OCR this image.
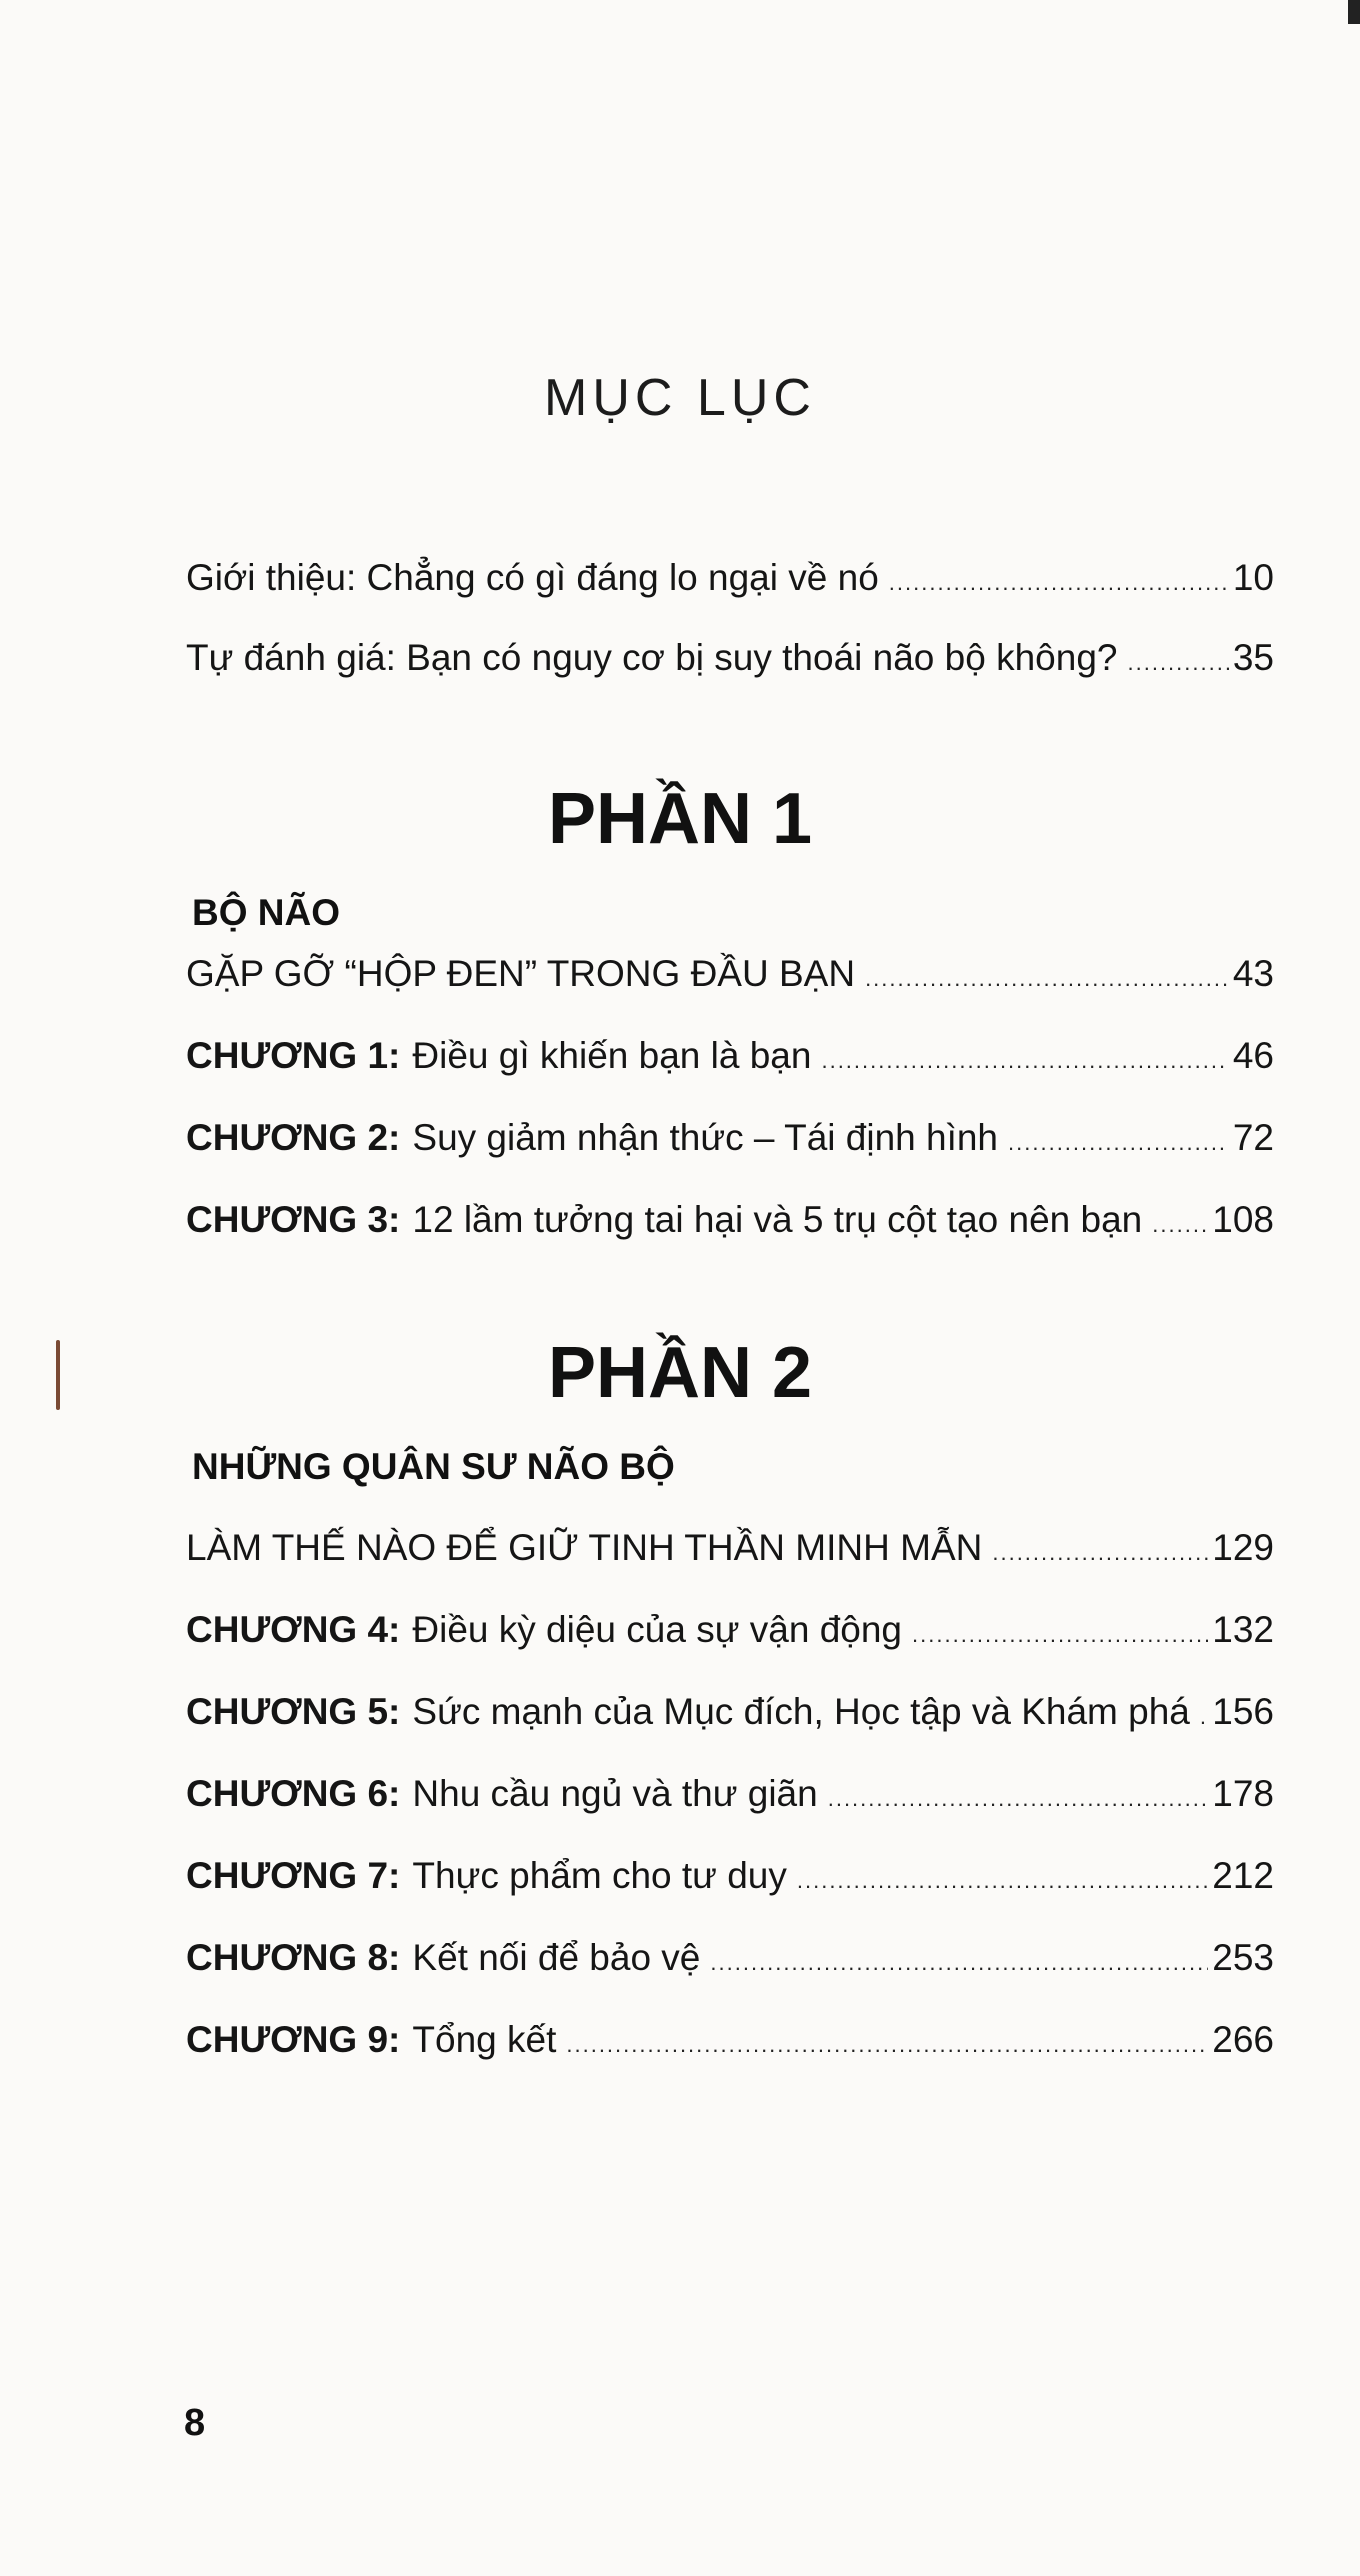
MỤC LỤC
Giới thiệu: Chẳng có gì đáng lo ngại về nó .....	10
Tự đánh giá: Bạn có nguy cơ bị suy thoái não bộ không? .....	35
PHẦN 1
BỘ NÃO
GẶP GỠ “HỘP ĐEN” TRONG ĐẦU BẠN .....	43
CHƯƠNG 1: Điều gì khiến bạn là bạn .....	46
CHƯƠNG 2: Suy giảm nhận thức – Tái định hình .....	72
CHƯƠNG 3: 12 lầm tưởng tai hại và 5 trụ cột tạo nên bạn ..... 108
PHẦN 2
NHỮNG QUÂN SƯ NÃO BỘ
LÀM THẾ NÀO ĐỂ GIỮ TINH THẦN MINH MẪN .....	129
CHƯƠNG 4: Điều kỳ diệu của sự vận động .....	132
CHƯƠNG 5: Sức mạnh của Mục đích, Học tập và Khám phá ..... 156
CHƯƠNG 6: Nhu cầu ngủ và thư giãn .....	178
CHƯƠNG 7: Thực phẩm cho tư duy .....	212
CHƯƠNG 8: Kết nối để bảo vệ .....	253
CHƯƠNG 9: Tổng kết .....	266
8
